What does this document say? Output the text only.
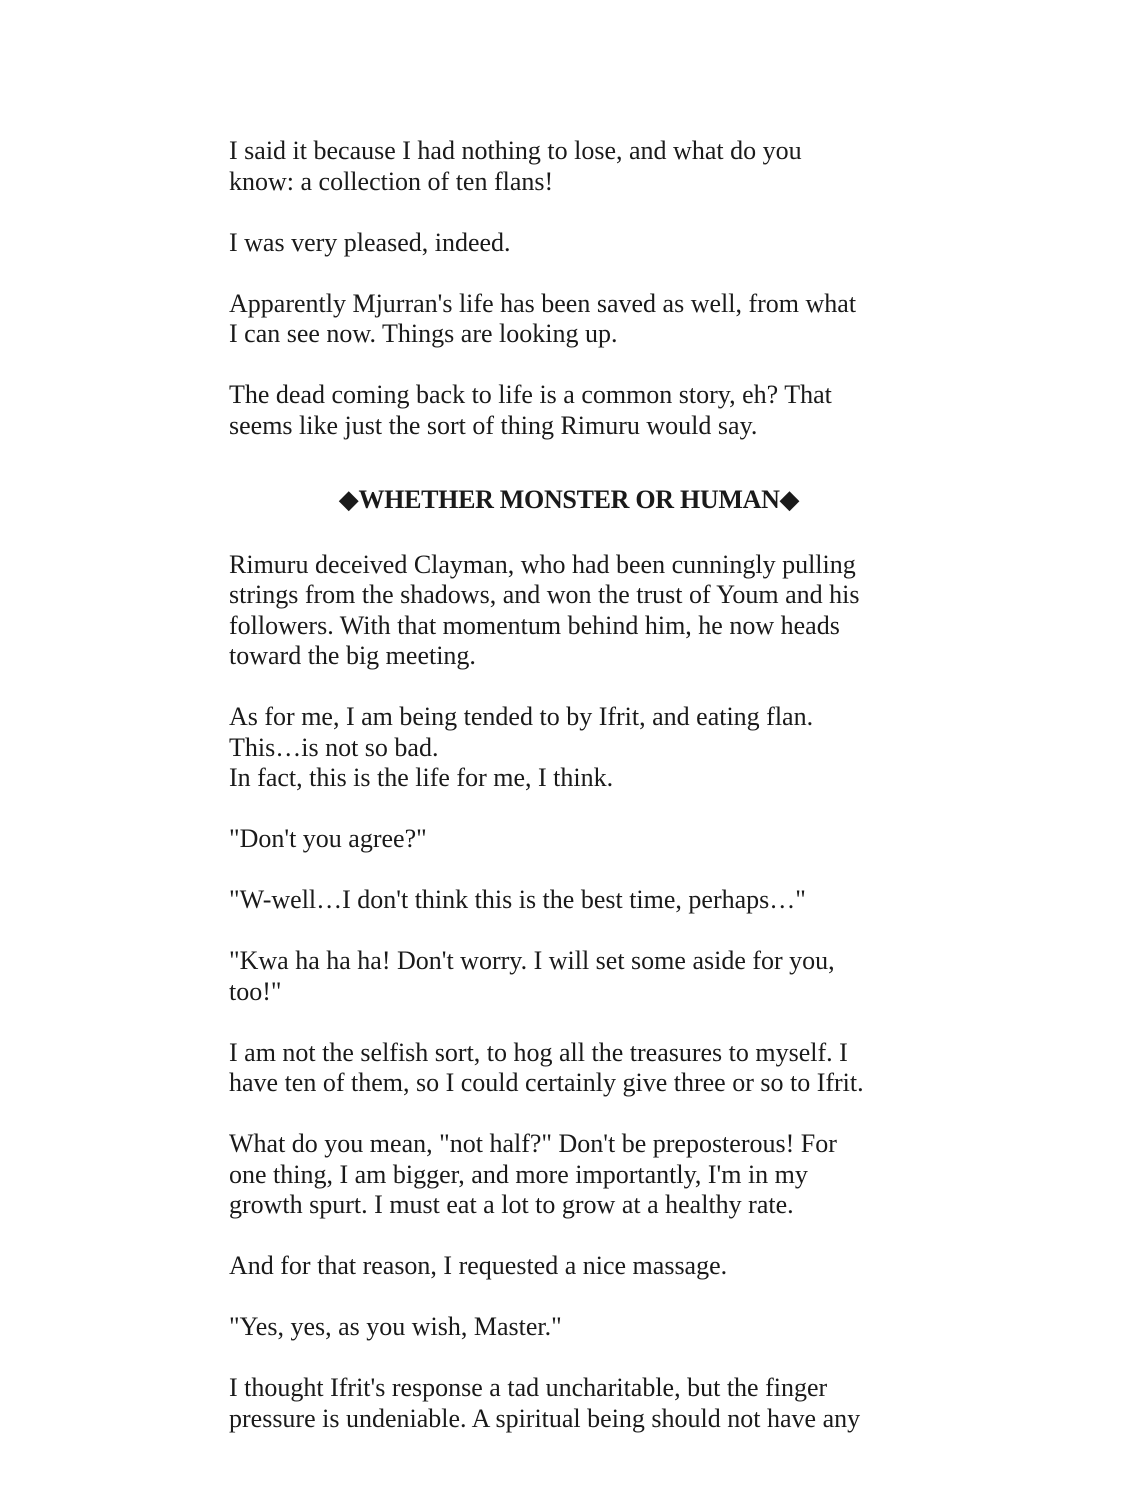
I said it because I had nothing to lose, and what do you
know: a collection of ten flans!

I was very pleased, indeed.

Apparently Mjurran's life has been saved as well, from what
I can see now. Things are looking up.

The dead coming back to life is a common story, eh? That
seems like just the sort of thing Rimuru would say.

◆WHETHER MONSTER OR HUMAN◆

Rimuru deceived Clayman, who had been cunningly pulling
strings from the shadows, and won the trust of Youm and his
followers. With that momentum behind him, he now heads
toward the big meeting.

As for me, I am being tended to by Ifrit, and eating flan.
This…is not so bad.
In fact, this is the life for me, I think.

"Don't you agree?"

"W-well…I don't think this is the best time, perhaps…"

"Kwa ha ha ha! Don't worry. I will set some aside for you,
too!"

I am not the selfish sort, to hog all the treasures to myself. I
have ten of them, so I could certainly give three or so to Ifrit.

What do you mean, "not half?" Don't be preposterous! For
one thing, I am bigger, and more importantly, I'm in my
growth spurt. I must eat a lot to grow at a healthy rate.

And for that reason, I requested a nice massage.

"Yes, yes, as you wish, Master."

I thought Ifrit's response a tad uncharitable, but the finger
pressure is undeniable. A spiritual being should not have any
